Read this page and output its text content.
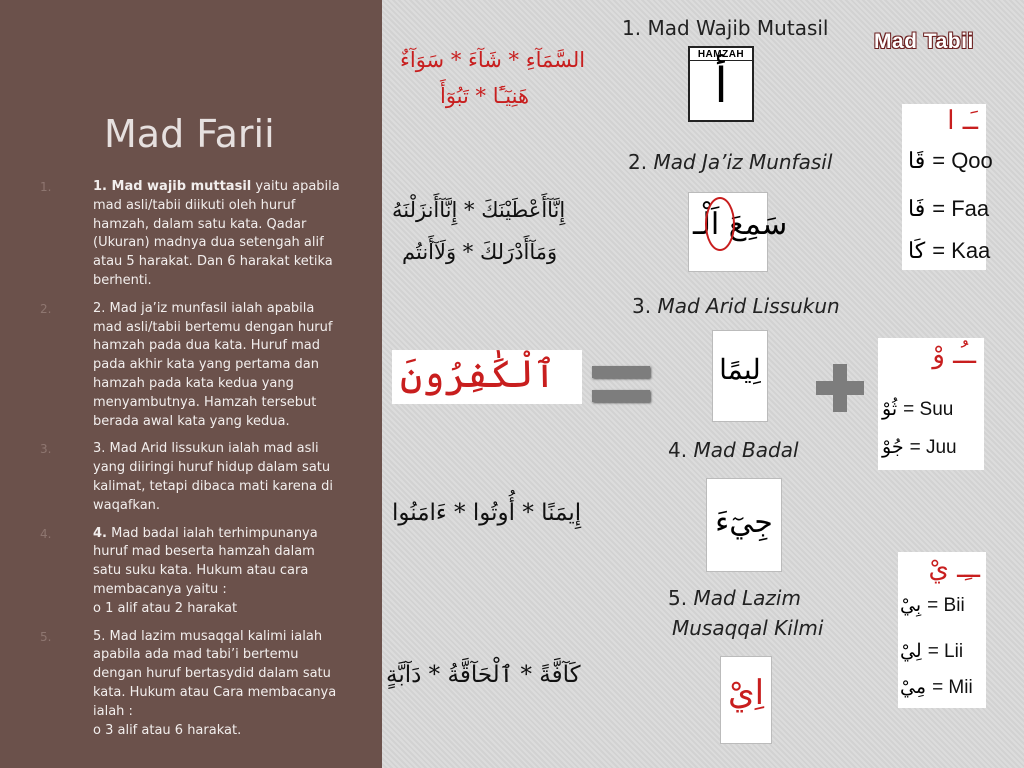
Mad Farii
1.	1. Mad wajib muttasil yaitu apabila mad asli/tabii diikuti oleh huruf hamzah, dalam satu kata. Qadar (Ukuran) madnya dua setengah alif atau 5 harakat. Dan 6 harakat ketika berhenti.
2.	2. Mad ja’iz munfasil ialah apabila mad asli/tabii bertemu dengan huruf hamzah pada dua kata. Huruf mad pada akhir kata yang pertama dan hamzah pada kata kedua yang menyambutnya. Hamzah tersebut berada awal kata yang kedua.
3.	3. Mad Arid lissukun ialah mad asli yang diiringi huruf hidup dalam satu kalimat, tetapi dibaca mati karena di waqafkan.
4.	4. Mad badal ialah terhimpunanya huruf mad beserta hamzah dalam satu suku kata. Hukum atau cara membacanya yaitu :
o 1 alif atau 2 harakat
5.	5. Mad lazim musaqqal kalimi ialah apabila ada mad tabi’i bertemu dengan huruf bertasydid dalam satu kata. Hukum atau Cara membacanya ialah :
o 3 alif atau 6 harakat.
1. Mad Wajib Mutasil
2. Mad Ja’iz Munfasil
3. Mad Arid Lissukun
4. Mad Badal
5. Mad Lazim
Musaqqal Kilmi
Mad Tabii
HAMZAH
أ
السَّمَآءِ * شَآءَ * سَوَآءٌ
هَنِيٓـًٔا * تَبُوٓأَ
إِنَّآأَعْطَيْنَكَ * إِنَّآأَنزَلْنَهُ
وَمَآأَدْرَلكَ * وَلَآأَنتُم
سَمِعَ اَلْـ
ٱلْكَٰفِرُونَ	لِيمًا
إِيمَنًا * أُوتُوا * ءَامَنُوا	جِيٓءَ
كَآفَّةً * ٱلْحَآقَّةُ * دَآبَّةٍ	اِيْ
ـَـ ا
قَا = Qoo
فَا = Faa
كَا = Kaa
ــُـ وْ
ثُوْ = Suu
جُوْ = Juu
ــِـ يْ
بِيْ = Bii
لِيْ = Lii
مِيْ = Mii
